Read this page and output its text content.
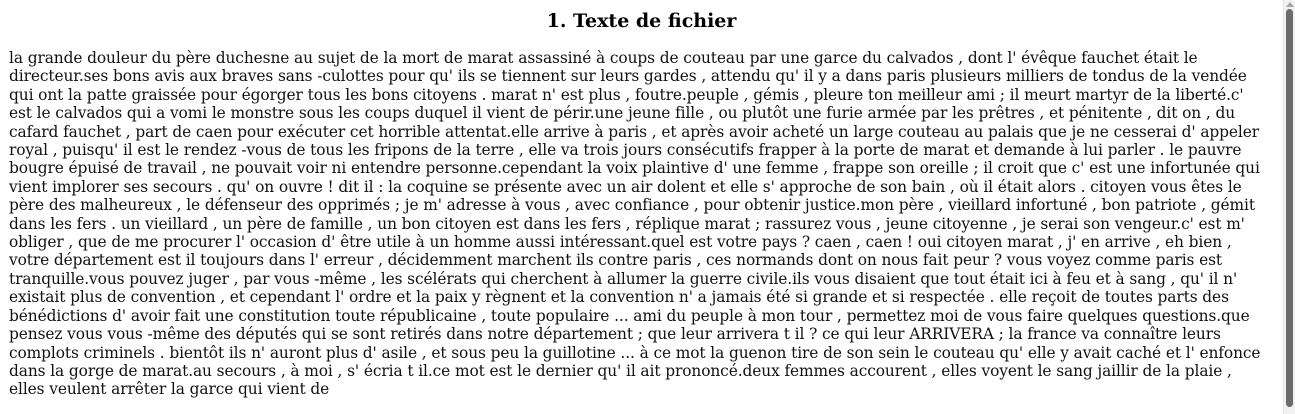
1. Texte de fichier

la grande douleur du père duchesne au sujet de la mort de marat assassiné à coups de couteau par une garce du calvados , dont l' évêque fauchet était le directeur.ses bons avis aux braves sans -culottes pour qu' ils se tiennent sur leurs gardes , attendu qu' il y a dans paris plusieurs milliers de tondus de la vendée qui ont la patte graissée pour égorger tous les bons citoyens . marat n' est plus , foutre.peuple , gémis , pleure ton meilleur ami ; il meurt martyr de la liberté.c' est le calvados qui a vomi le monstre sous les coups duquel il vient de périr.une jeune fille , ou plutôt une furie armée par les prêtres , et pénitente , dit on , du cafard fauchet , part de caen pour exécuter cet horrible attentat.elle arrive à paris , et après avoir acheté un large couteau au palais que je ne cesserai d' appeler royal , puisqu' il est le rendez -vous de tous les fripons de la terre , elle va trois jours consécutifs frapper à la porte de marat et demande à lui parler . le pauvre bougre épuisé de travail , ne pouvait voir ni entendre personne.cependant la voix plaintive d' une femme , frappe son oreille ; il croit que c' est une infortunée qui vient implorer ses secours . qu' on ouvre ! dit il : la coquine se présente avec un air dolent et elle s' approche de son bain , où il était alors . citoyen vous êtes le père des malheureux , le défenseur des opprimés ; je m' adresse à vous , avec confiance , pour obtenir justice.mon père , vieillard infortuné , bon patriote , gémit dans les fers . un vieillard , un père de famille , un bon citoyen est dans les fers , réplique marat ; rassurez vous , jeune citoyenne , je serai son vengeur.c' est m' obliger , que de me procurer l' occasion d' être utile à un homme aussi intéressant.quel est votre pays ? caen , caen ! oui citoyen marat , j' en arrive , eh bien , votre département est il toujours dans l' erreur , décidemment marchent ils contre paris , ces normands dont on nous fait peur ? vous voyez comme paris est tranquille.vous pouvez juger , par vous -même , les scélérats qui cherchent à allumer la guerre civile.ils vous disaient que tout était ici à feu et à sang , qu' il n' existait plus de convention , et cependant l' ordre et la paix y règnent et la convention n' a jamais été si grande et si respectée . elle reçoit de toutes parts des bénédictions d' avoir fait une constitution toute républicaine , toute populaire ... ami du peuple à mon tour , permettez moi de vous faire quelques questions.que pensez vous vous -même des députés qui se sont retirés dans notre département ; que leur arrivera t il ? ce qui leur ARRIVERA ; la france va connaître leurs complots criminels . bientôt ils n' auront plus d' asile , et sous peu la guillotine ... à ce mot la guenon tire de son sein le couteau qu' elle y avait caché et l' enfonce dans la gorge de marat.au secours , à moi , s' écria t il.ce mot est le dernier qu' il ait prononcé.deux femmes accourent , elles voyent le sang jaillir de la plaie , elles veulent arrêter la garce qui vient de
